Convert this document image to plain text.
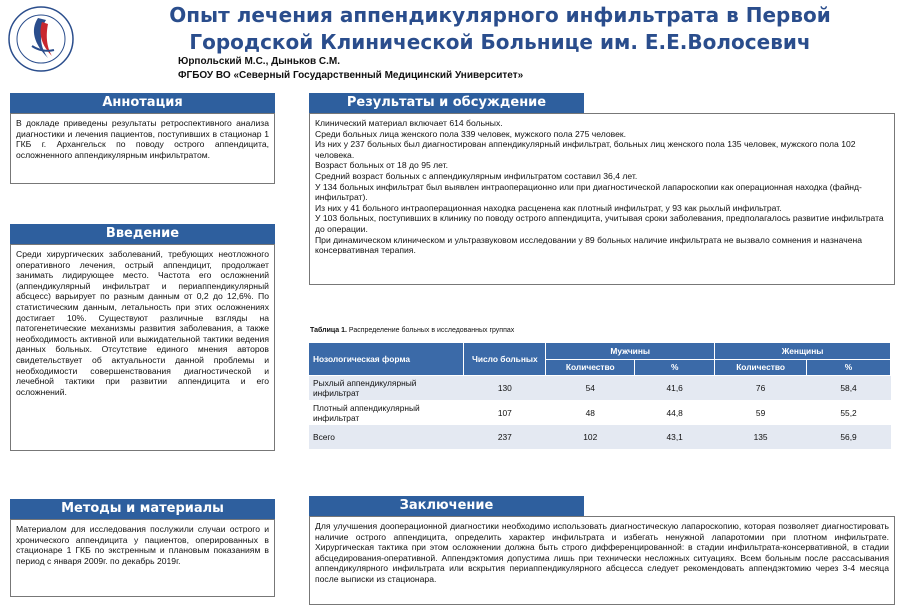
Опыт лечения аппендикулярного инфильтрата в Первой
Городской Клинической Больнице им. Е.Е.Волосевич
Юрпольский М.С., Дыньков С.М.
ФГБОУ ВО «Северный Государственный Медицинский Университет»
Аннотация

В докладе приведены результаты ретроспективного анализа диагностики и лечения пациентов, поступивших в стационар 1 ГКБ г. Архангельск по поводу острого аппендицита, осложненного аппендикулярным инфильтратом.

Введение

Среди хирургических заболеваний, требующих неотложного оперативного лечения, острый аппендицит, продолжает занимать лидирующее место. Частота его осложнений (аппендикулярный инфильтрат и периаппендикулярный абсцесс) варьирует по разным данным от 0,2 до 12,6%. По статистическим данным, летальность при этих осложнениях достигает 10%. Существуют различные взгляды на патогенетические механизмы развития заболевания, а также необходимость активной или выжидательной тактики ведения данных больных. Отсутствие единого мнения авторов свидетельствует об актуальности данной проблемы и необходимости совершенствования диагностической и лечебной тактики при развитии аппендицита и его осложнений.

Методы и материалы

Материалом для исследования послужили случаи острого и хронического аппендицита у пациентов, оперированных в стационаре 1 ГКБ по экстренным и плановым показаниям в период с января 2009г. по декабрь 2019г.

Результаты и обсуждение

Клинический материал включает 614 больных.

Среди больных лица женского пола 339 человек, мужского пола 275 человек.

Из них у 237 больных был диагностирован аппендикулярный инфильтрат, больных лиц женского пола 135 человек, мужского пола 102 человека.

Возраст больных от 18 до 95 лет.

Средний возраст больных с аппендикулярным инфильтратом составил 36,4 лет.

У 134 больных инфильтрат был выявлен интраоперационно или при диагностической лапароскопии как операционная находка (файнд-инфильтрат).

Из них у 41 больного интраоперационная находка расценена как плотный инфильтрат, у 93 как рыхлый инфильтрат.

У 103 больных, поступивших в клинику по поводу острого аппендицита, учитывая сроки заболевания, предполагалось развитие инфильтрата до операции.

При динамическом клиническом и ультразвуковом исследовании у 89 больных наличие инфильтрата не вызвало сомнения и назначена консервативная терапия.

Таблица 1. Распределение больных в исследованных группах
Нозологическая форма	Число больных	Мужчины		Женщины	
		Количество	%	Количество	%
Рыхлый аппендикулярный инфильтрат	130	54	41,6	76	58,4
Плотный аппендикулярный инфильтрат	107	48	44,8	59	55,2
Всего	237	102	43,1	135	56,9
Заключение

Для улучшения дооперационной диагностики необходимо использовать диагностическую лапароскопию, которая позволяет диагностировать наличие острого аппендицита, определить характер инфильтрата и избегать ненужной лапаротомии при плотном инфильтрате. Хирургическая тактика при этом осложнении должна быть строго дифференцированной: в стадии инфильтрата-консервативной, в стадии абсцедирования-оперативной. Аппендэктомия допустима лишь при технически несложных ситуациях. Всем больным после рассасывания аппендикулярного инфильтрата или вскрытия периаппендикулярного абсцесса следует рекомендовать аппендэктомию через 3-4 месяца после выписки из стационара.
